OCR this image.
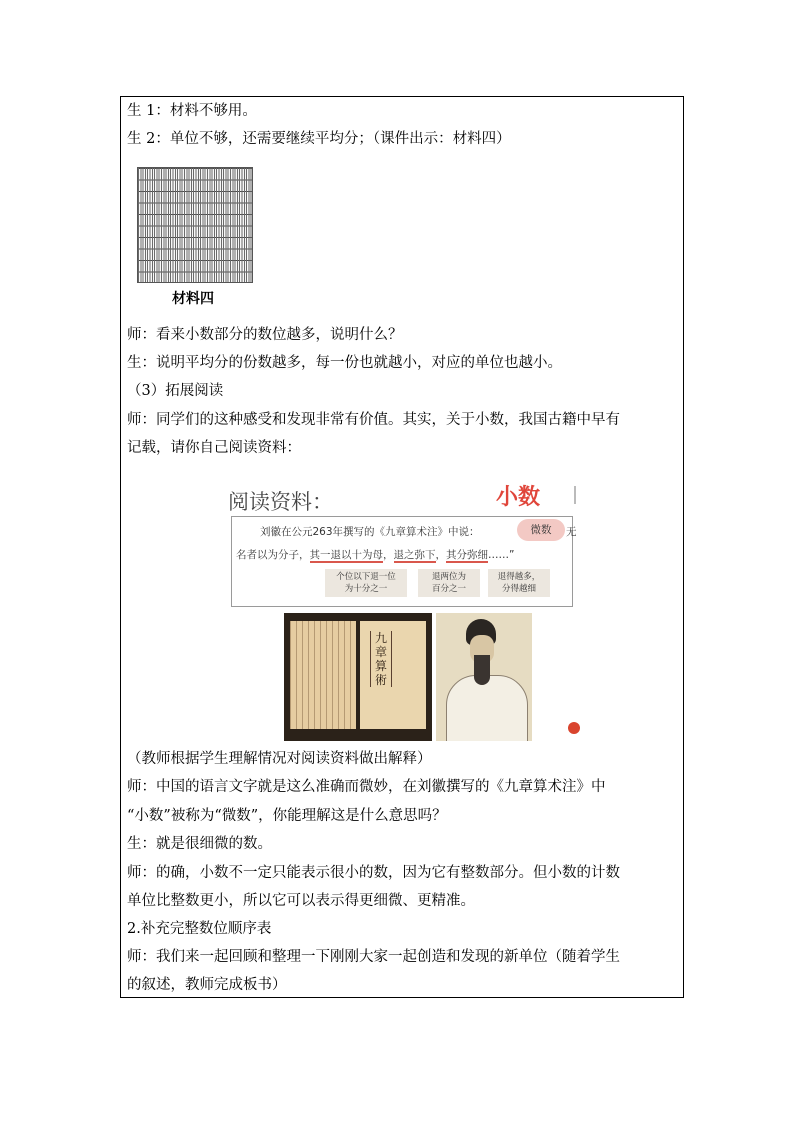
生 1：材料不够用。
生 2：单位不够，还需要继续平均分；（课件出示：材料四）
材料四
师：看来小数部分的数位越多，说明什么？
生：说明平均分的份数越多，每一份也就越小，对应的单位也越小。
（3）拓展阅读
师：同学们的这种感受和发现非常有价值。其实，关于小数，我国古籍中早有
记载，请你自己阅读资料：
阅读资料：	小数
刘徽在公元263年撰写的《九章算术注》中说：	微数	无
名者以为分子，其一退以十为母，退之弥下，其分弥细……”
个位以下退一位
为十分之一
退两位为
百分之一
退得越多，
分得越细
九章算術
（教师根据学生理解情况对阅读资料做出解释）
师：中国的语言文字就是这么准确而微妙，在刘徽撰写的《九章算术注》中
“小数”被称为“微数”，你能理解这是什么意思吗？
生：就是很细微的数。
师：的确，小数不一定只能表示很小的数，因为它有整数部分。但小数的计数
单位比整数更小，所以它可以表示得更细微、更精准。
2.补充完整数位顺序表
师：我们来一起回顾和整理一下刚刚大家一起创造和发现的新单位（随着学生
的叙述，教师完成板书）
